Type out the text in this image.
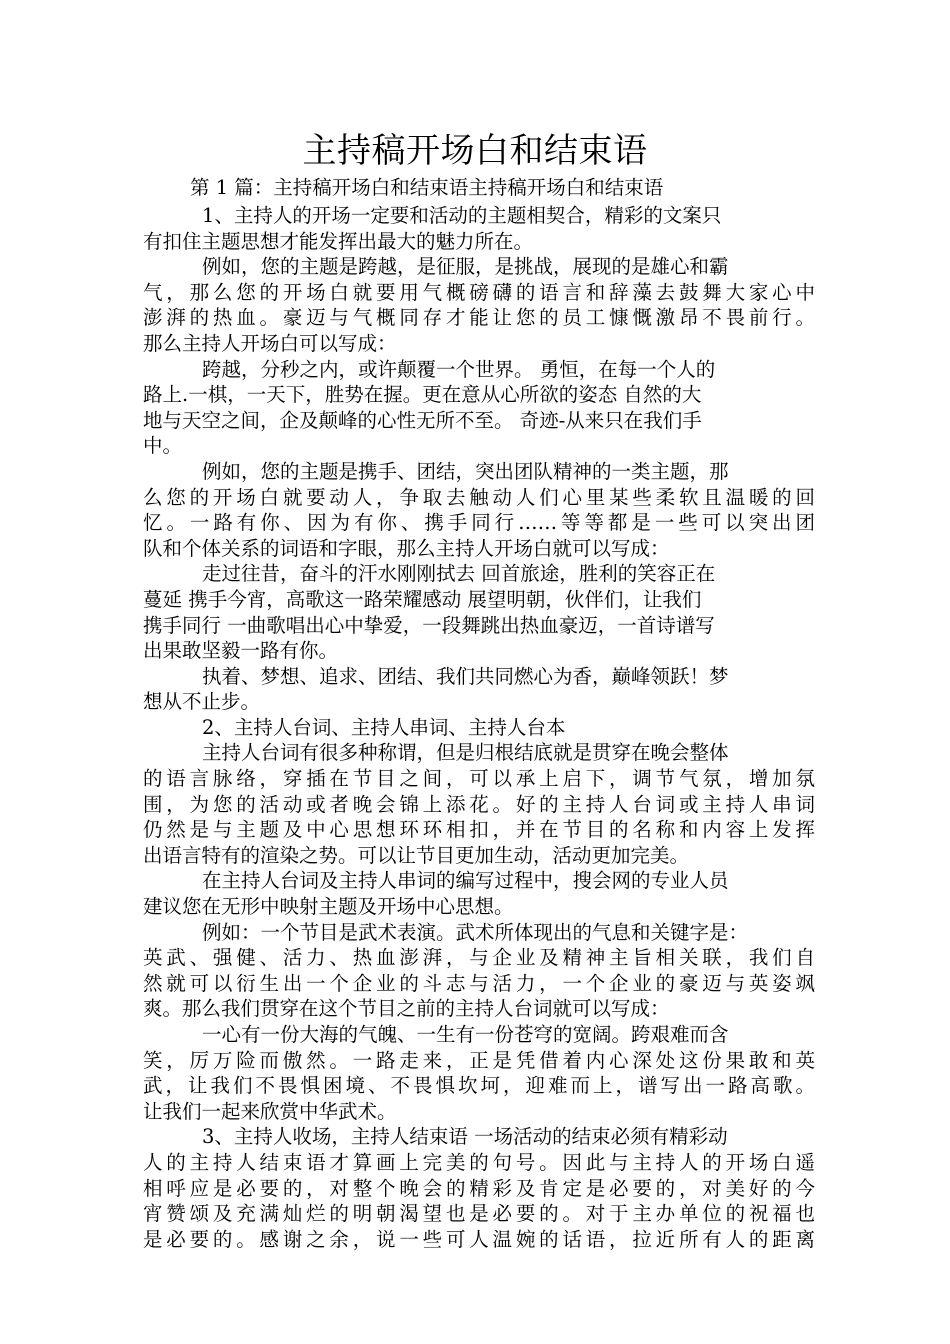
主持稿开场白和结束语
第 1 篇：主持稿开场白和结束语主持稿开场白和结束语
1、主持人的开场一定要和活动的主题相契合，精彩的文案只
有扣住主题思想才能发挥出最大的魅力所在。
例如，您的主题是跨越，是征服，是挑战，展现的是雄心和霸
气，那么您的开场白就要用气概磅礴的语言和辞藻去鼓舞大家心中
澎湃的热血。豪迈与气概同存才能让您的员工慷慨激昂不畏前行。
那么主持人开场白可以写成：
跨越，分秒之内，或许颠覆一个世界。 勇恒，在每一个人的
路上.一棋，一天下，胜势在握。更在意从心所欲的姿态 自然的大
地与天空之间，企及颠峰的心性无所不至。 奇迹-从来只在我们手
中。
例如，您的主题是携手、团结，突出团队精神的一类主题，那
么您的开场白就要动人，争取去触动人们心里某些柔软且温暖的回
忆。一路有你、因为有你、携手同行……等等都是一些可以突出团
队和个体关系的词语和字眼，那么主持人开场白就可以写成：
走过往昔，奋斗的汗水刚刚拭去 回首旅途，胜利的笑容正在
蔓延 携手今宵，高歌这一路荣耀感动 展望明朝，伙伴们，让我们
携手同行 一曲歌唱出心中挚爱，一段舞跳出热血豪迈，一首诗谱写
出果敢坚毅一路有你。
执着、梦想、追求、团结、我们共同燃心为香，巅峰领跃！梦
想从不止步。
2、主持人台词、主持人串词、主持人台本
主持人台词有很多种称谓，但是归根结底就是贯穿在晚会整体
的语言脉络，穿插在节目之间，可以承上启下，调节气氛，增加氛
围，为您的活动或者晚会锦上添花。好的主持人台词或主持人串词
仍然是与主题及中心思想环环相扣，并在节目的名称和内容上发挥
出语言特有的渲染之势。可以让节目更加生动，活动更加完美。
在主持人台词及主持人串词的编写过程中，搜会网的专业人员
建议您在无形中映射主题及开场中心思想。
例如：一个节目是武术表演。武术所体现出的气息和关键字是：
英武、强健、活力、热血澎湃，与企业及精神主旨相关联，我们自
然就可以衍生出一个企业的斗志与活力，一个企业的豪迈与英姿飒
爽。那么我们贯穿在这个节目之前的主持人台词就可以写成：
一心有一份大海的气魄、一生有一份苍穹的宽阔。跨艰难而含
笑，厉万险而傲然。一路走来，正是凭借着内心深处这份果敢和英
武，让我们不畏惧困境、不畏惧坎坷，迎难而上，谱写出一路高歌。
让我们一起来欣赏中华武术。
3、主持人收场，主持人结束语 一场活动的结束必须有精彩动
人的主持人结束语才算画上完美的句号。因此与主持人的开场白遥
相呼应是必要的，对整个晚会的精彩及肯定是必要的，对美好的今
宵赞颂及充满灿烂的明朝渴望也是必要的。对于主办单位的祝福也
是必要的。感谢之余，说一些可人温婉的话语，拉近所有人的距离
